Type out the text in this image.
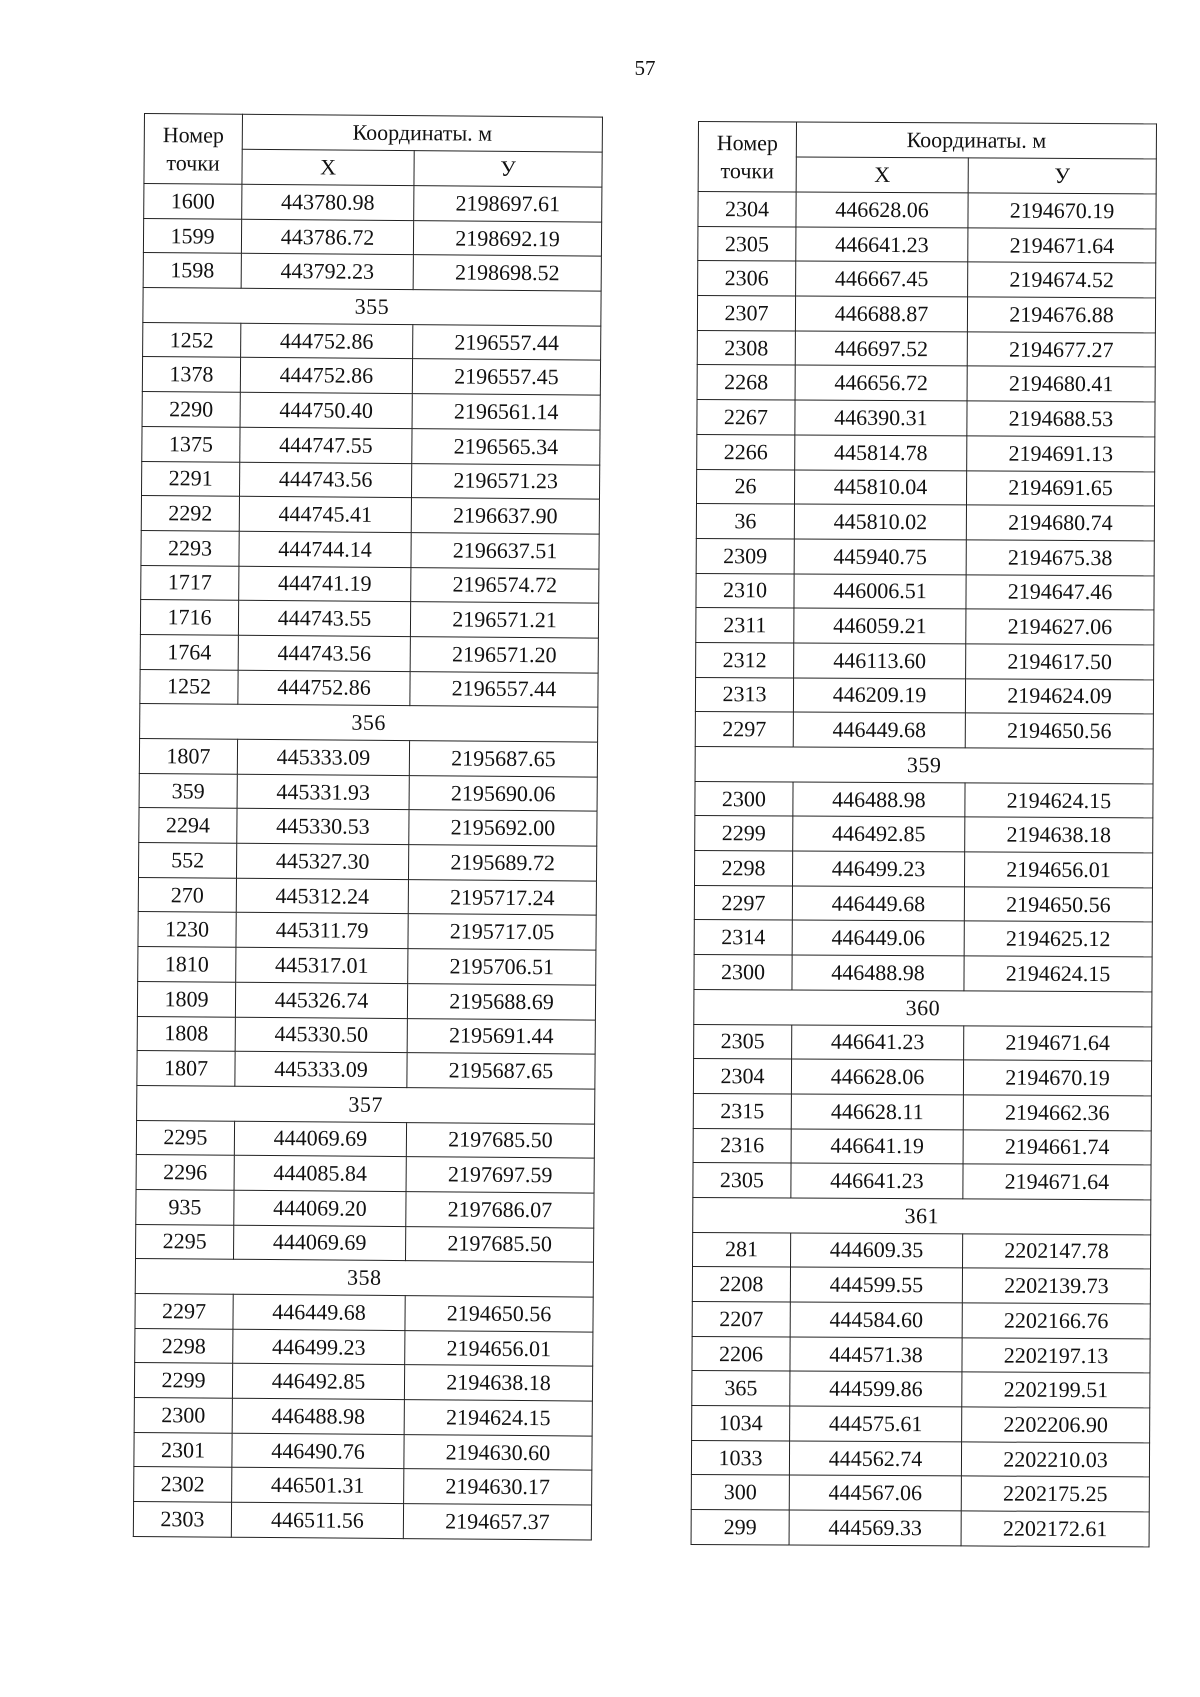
57
Номер точки	Координаты. м	
	X	У
1600	443780.98	2198697.61
1599	443786.72	2198692.19
1598	443792.23	2198698.52
355		
1252	444752.86	2196557.44
1378	444752.86	2196557.45
2290	444750.40	2196561.14
1375	444747.55	2196565.34
2291	444743.56	2196571.23
2292	444745.41	2196637.90
2293	444744.14	2196637.51
1717	444741.19	2196574.72
1716	444743.55	2196571.21
1764	444743.56	2196571.20
1252	444752.86	2196557.44
356		
1807	445333.09	2195687.65
359	445331.93	2195690.06
2294	445330.53	2195692.00
552	445327.30	2195689.72
270	445312.24	2195717.24
1230	445311.79	2195717.05
1810	445317.01	2195706.51
1809	445326.74	2195688.69
1808	445330.50	2195691.44
1807	445333.09	2195687.65
357		
2295	444069.69	2197685.50
2296	444085.84	2197697.59
935	444069.20	2197686.07
2295	444069.69	2197685.50
358		
2297	446449.68	2194650.56
2298	446499.23	2194656.01
2299	446492.85	2194638.18
2300	446488.98	2194624.15
2301	446490.76	2194630.60
2302	446501.31	2194630.17
2303	446511.56	2194657.37
Номер точки	Координаты. м	
	X	У
2304	446628.06	2194670.19
2305	446641.23	2194671.64
2306	446667.45	2194674.52
2307	446688.87	2194676.88
2308	446697.52	2194677.27
2268	446656.72	2194680.41
2267	446390.31	2194688.53
2266	445814.78	2194691.13
26	445810.04	2194691.65
36	445810.02	2194680.74
2309	445940.75	2194675.38
2310	446006.51	2194647.46
2311	446059.21	2194627.06
2312	446113.60	2194617.50
2313	446209.19	2194624.09
2297	446449.68	2194650.56
359		
2300	446488.98	2194624.15
2299	446492.85	2194638.18
2298	446499.23	2194656.01
2297	446449.68	2194650.56
2314	446449.06	2194625.12
2300	446488.98	2194624.15
360		
2305	446641.23	2194671.64
2304	446628.06	2194670.19
2315	446628.11	2194662.36
2316	446641.19	2194661.74
2305	446641.23	2194671.64
361		
281	444609.35	2202147.78
2208	444599.55	2202139.73
2207	444584.60	2202166.76
2206	444571.38	2202197.13
365	444599.86	2202199.51
1034	444575.61	2202206.90
1033	444562.74	2202210.03
300	444567.06	2202175.25
299	444569.33	2202172.61
